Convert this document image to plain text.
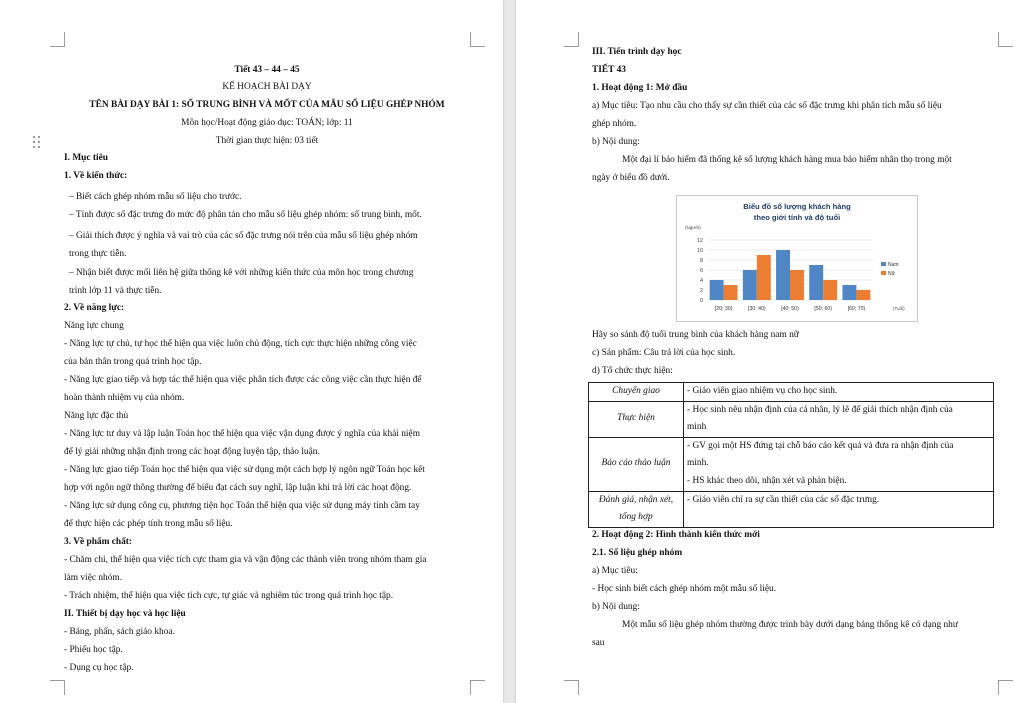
Tiết 43 – 44 – 45
KẾ HOẠCH BÀI DẠY
TÊN BÀI DẠY BÀI 1: SỐ TRUNG BÌNH VÀ MỐT CỦA MẪU SỐ LIỆU GHÉP NHÓM
Môn học/Hoạt động giáo dục: TOÁN; lớp: 11
Thời gian thực hiện: 03 tiết
I. Mục tiêu
1. Về kiến thức:
– Biết cách ghép nhóm mẫu số liệu cho trước.
– Tính được số đặc trưng đo mức độ phân tán cho mẫu số liệu ghép nhóm: số trung bình, mốt.
– Giải thích được ý nghĩa và vai trò của các số đặc trưng nói trên của mẫu số liệu ghép nhóm
trong thực tiễn.
– Nhận biết được mối liên hệ giữa thống kê với những kiến thức của môn học trong chương
trình lớp 11 và thực tiễn.
2. Về năng lực:
Năng lực chung
- Năng lực tự chủ, tự học thể hiện qua việc luôn chủ động, tích cực thực hiện những công việc
của bản thân trong quá trình học tập.
- Năng lực giao tiếp và hợp tác thể hiện qua việc phân tích được các công việc cần thực hiện để
hoàn thành nhiệm vụ của nhóm.
Năng lực đặc thù
- Năng lực tư duy và lập luận Toán học thể hiện qua việc vận dụng được ý nghĩa của khái niệm
để lý giải những nhận định trong các hoạt động luyện tập, thảo luận.
- Năng lực giao tiếp Toán học thể hiện qua việc sử dụng một cách hợp lý ngôn ngữ Toán học kết
hợp với ngôn ngữ thông thường để biểu đạt cách suy nghĩ, lập luận khi trả lời các hoạt động.
- Năng lực sử dụng công cụ, phương tiện học Toán thể hiện qua việc sử dụng máy tính cầm tay
để thực hiện các phép tính trong mẫu số liệu.
3. Về phẩm chất:
- Chăm chỉ, thể hiện qua việc tích cực tham gia và vận động các thành viên trong nhóm tham gia
làm việc nhóm.
- Trách nhiệm, thể hiện qua việc tích cực, tự giác và nghiêm túc trong quá trình học tập.
II. Thiết bị dạy học và học liệu
- Bảng, phấn, sách giáo khoa.
- Phiếu học tập.
- Dụng cụ học tập.
III. Tiến trình dạy học
TIẾT 43
1. Hoạt động 1: Mở đầu
a) Mục tiêu: Tạo nhu cầu cho thấy sự cần thiết của các số đặc trưng khi phân tích mẫu số liệu
ghép nhóm.
b) Nội dung:
Một đại lí bảo hiểm đã thống kê số lượng khách hàng mua bảo hiểm nhân thọ trong một
ngày ở biểu đồ dưới.
Biểu đồ số lượng khách hàng
theo giới tính và độ tuổi
(Người)
(Tuổi)
0
2
4
6
8
10
12
[20; 30)	[30; 40)	[40; 50)	[50; 60)	[60; 70)
Nam
Nữ
Hãy so sánh độ tuổi trung bình của khách hàng nam nữ
c) Sản phẩm: Câu trả lời của học sinh.
d) Tổ chức thực hiện:
Chuyển giao	- Giáo viên giao nhiệm vụ cho học sinh.

Thực hiện	- Học sinh nêu nhận định của cá nhân, lý lẽ để giải thích nhận định của
mình

Báo cáo thảo luận	- GV gọi một HS đứng tại chỗ báo cáo kết quả và đưa ra nhận định của
mình.
- HS khác theo dõi, nhận xét và phản biện.

Đánh giá, nhận xét, tổng hợp	- Giáo viên chỉ ra sự cần thiết của các số đặc trưng.

2. Hoạt động 2: Hình thành kiến thức mới
2.1. Số liệu ghép nhóm
a) Mục tiêu:
- Học sinh biết cách ghép nhóm một mẫu số liệu.
b) Nội dung:
Một mẫu số liệu ghép nhóm thường được trình bày dưới dạng bảng thống kê có dạng như
sau
